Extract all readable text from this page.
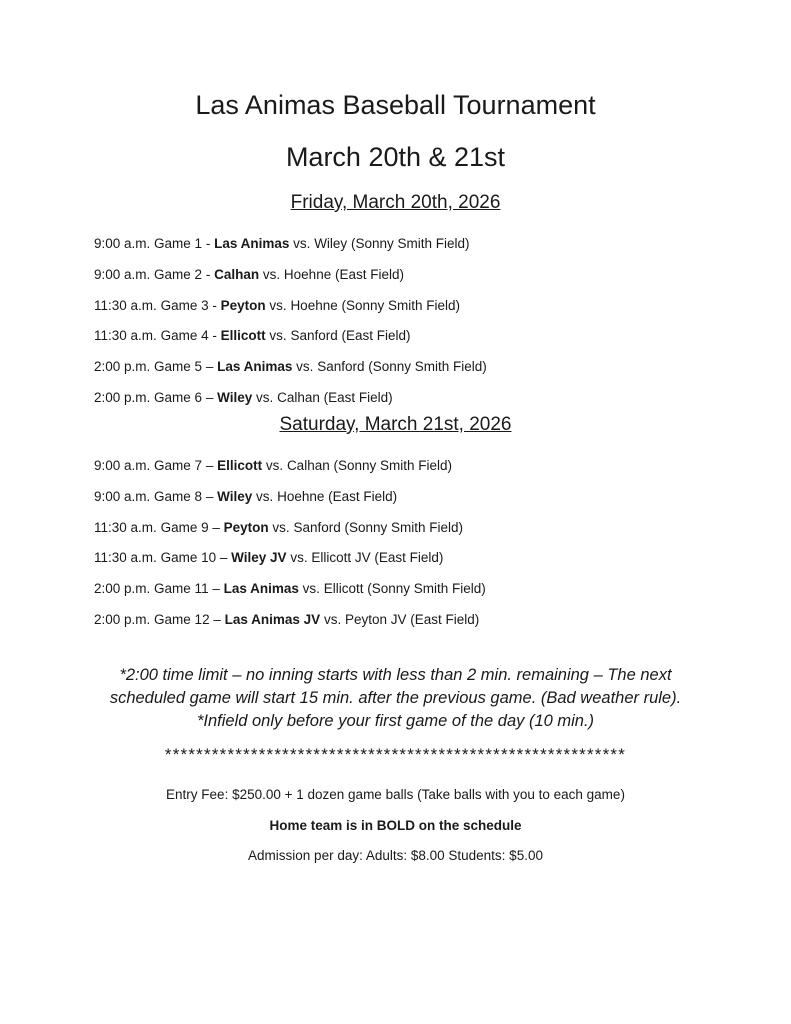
Las Animas Baseball Tournament
March 20th & 21st
Friday, March 20th, 2026
9:00 a.m. Game 1 - Las Animas vs. Wiley (Sonny Smith Field)
9:00 a.m. Game 2 - Calhan vs. Hoehne (East Field)
11:30 a.m. Game 3 - Peyton vs. Hoehne (Sonny Smith Field)
11:30 a.m. Game 4 - Ellicott vs. Sanford (East Field)
2:00 p.m. Game 5 – Las Animas vs. Sanford (Sonny Smith Field)
2:00 p.m. Game 6 – Wiley vs. Calhan (East Field)
Saturday, March 21st, 2026
9:00 a.m. Game 7 – Ellicott vs. Calhan (Sonny Smith Field)
9:00 a.m. Game 8 – Wiley vs. Hoehne (East Field)
11:30 a.m. Game 9 – Peyton vs. Sanford (Sonny Smith Field)
11:30 a.m. Game 10 – Wiley JV vs. Ellicott JV (East Field)
2:00 p.m. Game 11 – Las Animas vs. Ellicott (Sonny Smith Field)
2:00 p.m. Game 12 – Las Animas JV vs. Peyton JV (East Field)
*2:00 time limit – no inning starts with less than 2 min. remaining – The next
scheduled game will start 15 min. after the previous game. (Bad weather rule).
*Infield only before your first game of the day (10 min.)
***********************************************************
Entry Fee: $250.00 + 1 dozen game balls (Take balls with you to each game)
Home team is in BOLD on the schedule
Admission per day: Adults: $8.00 Students: $5.00
